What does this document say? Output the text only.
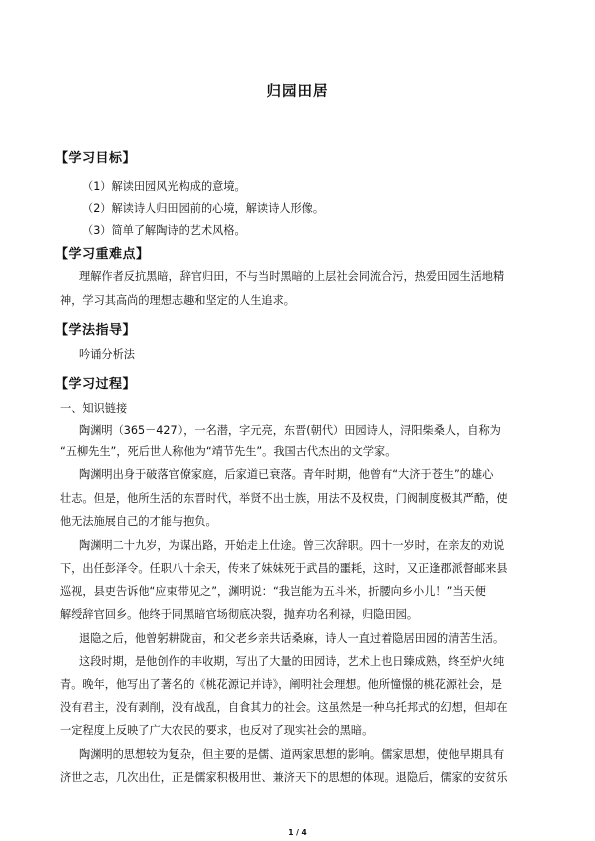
归园田居
【学习目标】
（1）解读田园风光构成的意境。
（2）解读诗人归田园前的心境，解读诗人形像。
（3）简单了解陶诗的艺术风格。
【学习重难点】
理解作者反抗黑暗，辞官归田，不与当时黑暗的上层社会同流合污，热爱田园生活地精
神，学习其高尚的理想志趣和坚定的人生追求。
【学法指导】
吟诵分析法
【学习过程】
一、知识链接
陶渊明（365－427），一名潜，字元亮，东晋(朝代）田园诗人，浔阳柴桑人，自称为
“五柳先生”，死后世人称他为“靖节先生”。我国古代杰出的文学家。
陶渊明出身于破落官僚家庭，后家道已衰落。青年时期，他曾有“大济于苍生”的雄心
壮志。但是，他所生活的东晋时代，举贤不出士族，用法不及权贵，门阀制度极其严酷，使
他无法施展自己的才能与抱负。
陶渊明二十九岁，为谋出路，开始走上仕途。曾三次辞职。四十一岁时，在亲友的劝说
下，出任彭泽令。任职八十余天，传来了妹妹死于武昌的噩耗，这时，又正逢郡派督邮来县
巡视，县吏告诉他“应束带见之”，渊明说：“我岂能为五斗米，折腰向乡小儿！”当天便
解绶辞官回乡。他终于同黑暗官场彻底决裂，抛弃功名利禄，归隐田园。
退隐之后，他曾躬耕陇亩，和父老乡亲共话桑麻，诗人一直过着隐居田园的清苦生活。
这段时期，是他创作的丰收期，写出了大量的田园诗，艺术上也日臻成熟，终至炉火纯
青。晚年，他写出了著名的《桃花源记并诗》，阐明社会理想。他所憧憬的桃花源社会，是
没有君主，没有剥削，没有战乱，自食其力的社会。这虽然是一种乌托邦式的幻想，但却在
一定程度上反映了广大农民的要求，也反对了现实社会的黑暗。
陶渊明的思想较为复杂，但主要的是儒、道两家思想的影响。儒家思想，使他早期具有
济世之志，几次出仕，正是儒家积极用世、兼济天下的思想的体现。退隐后，儒家的安贫乐
1 / 4
